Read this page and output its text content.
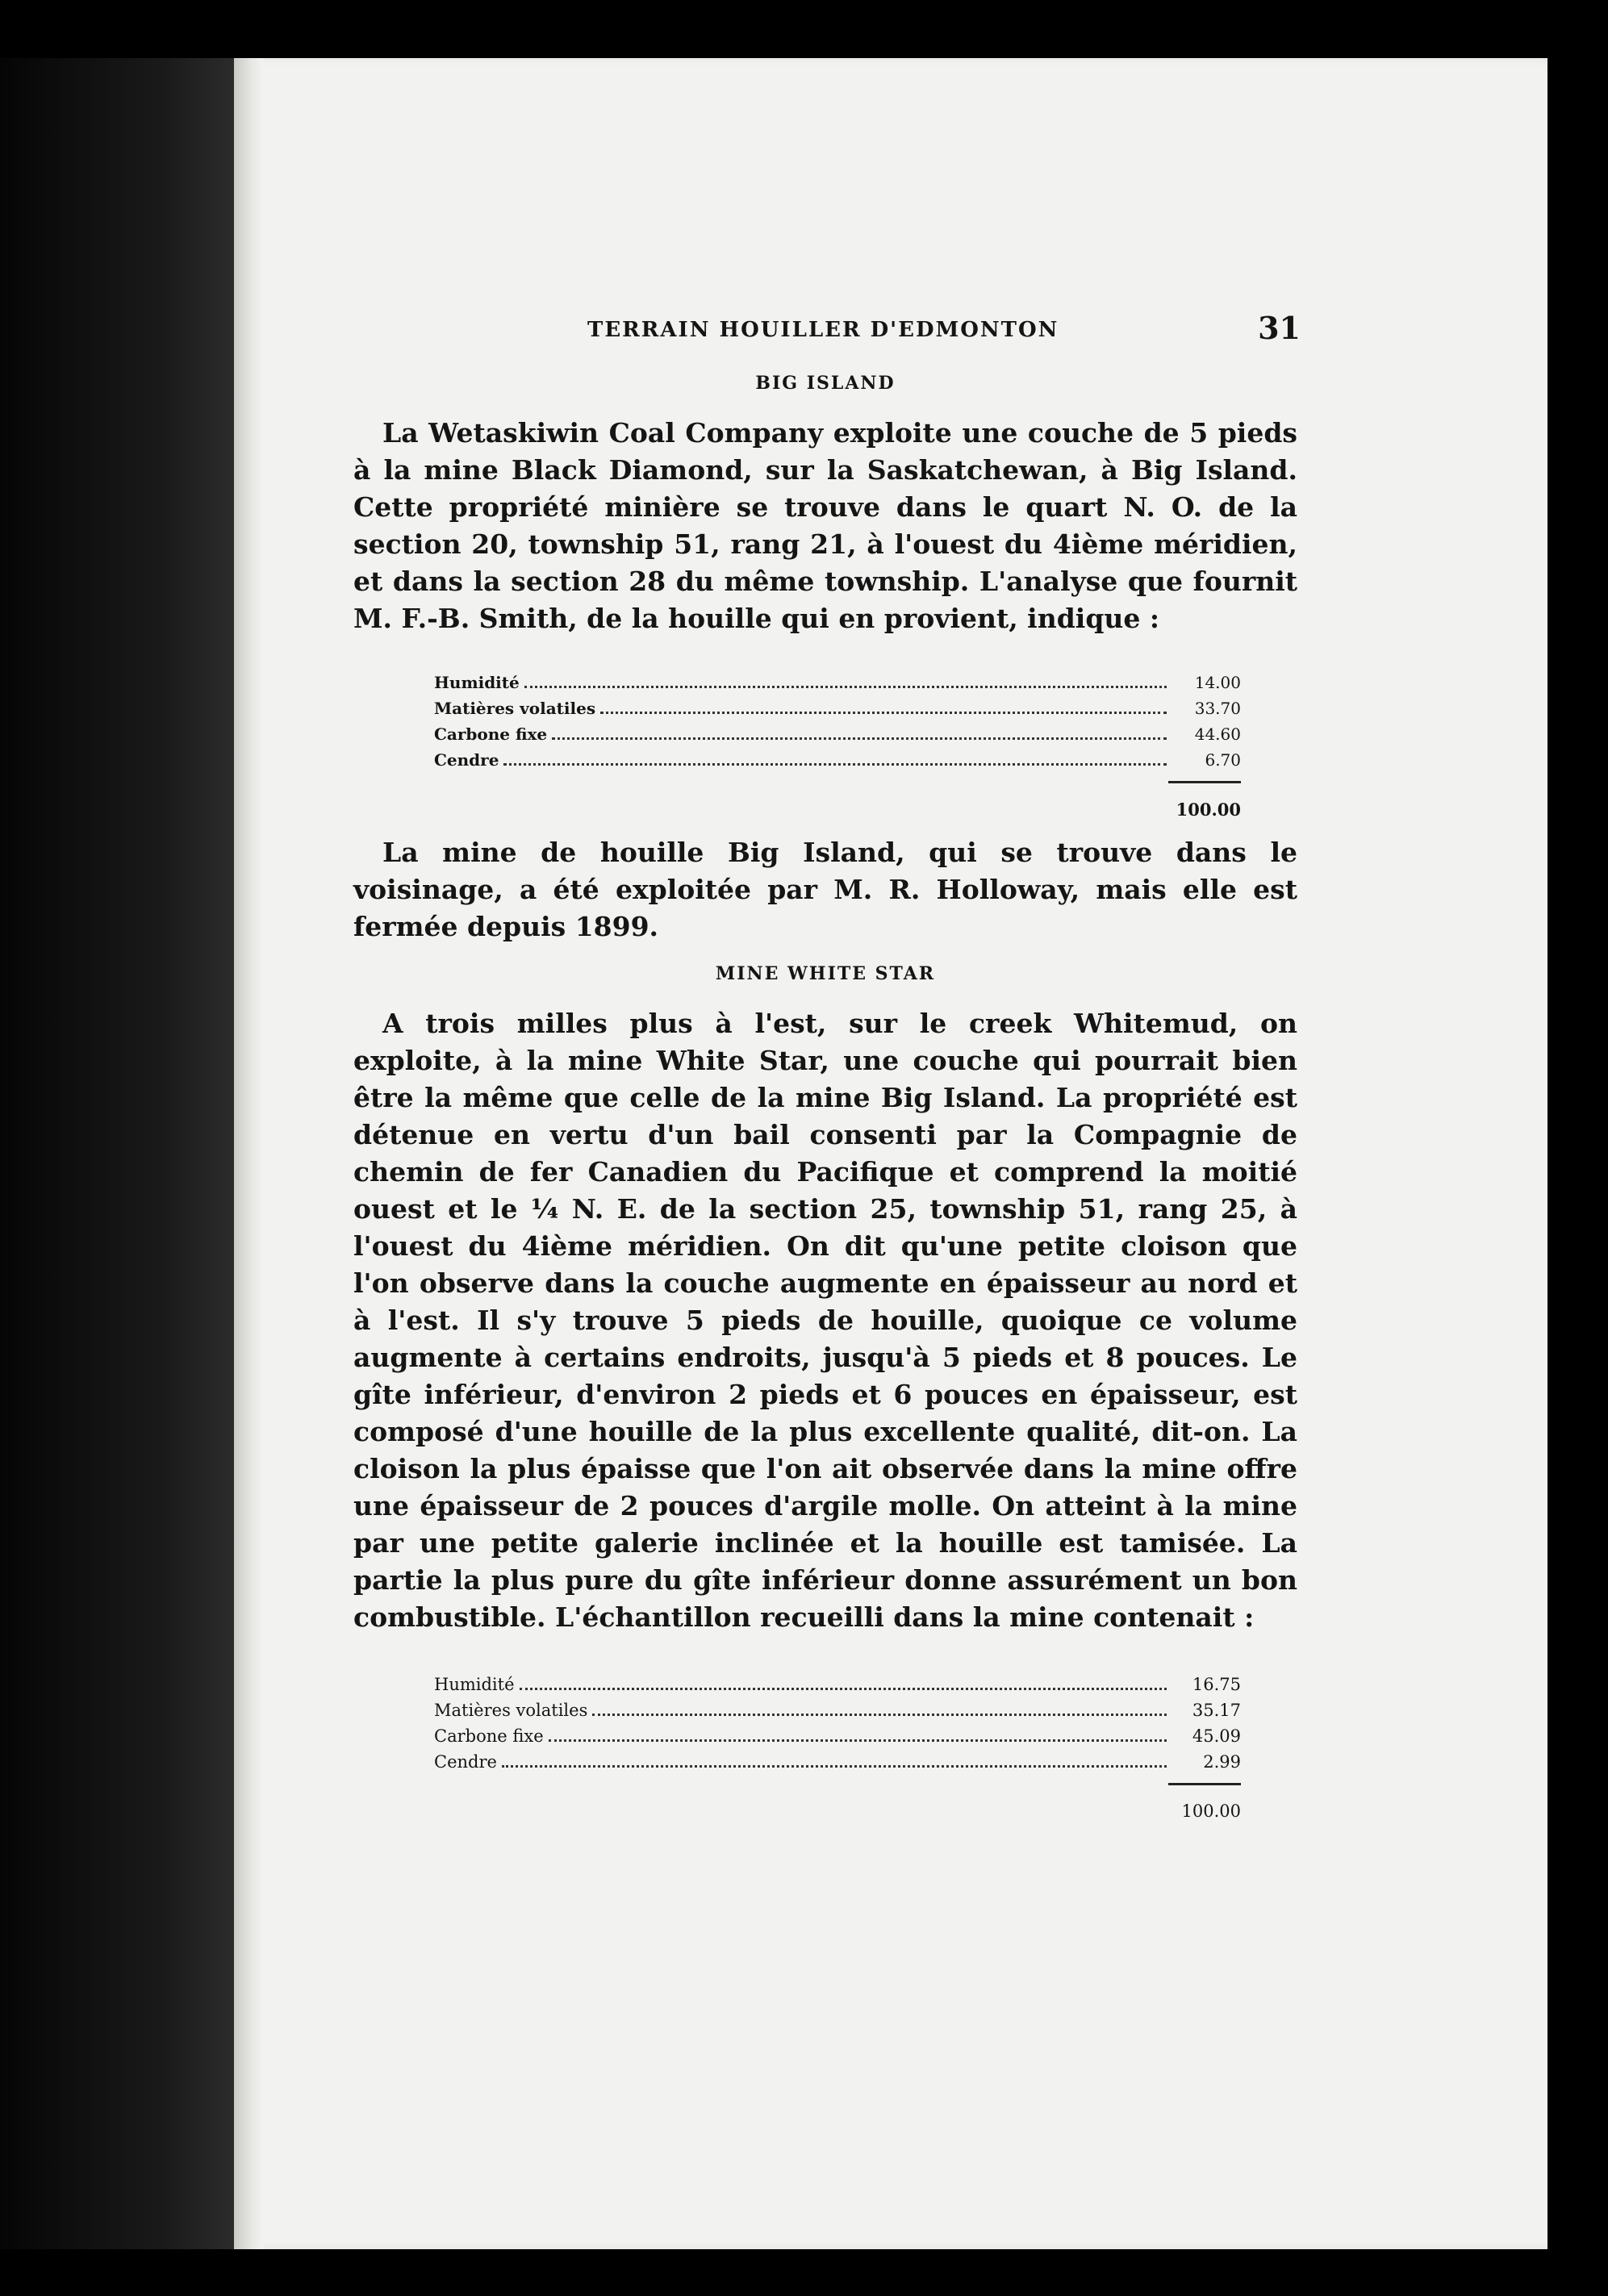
TERRAIN HOUILLER D'EDMONTON	31
BIG ISLAND

La Wetaskiwin Coal Company exploite une couche de 5 pieds à la mine Black Diamond, sur la Saskatchewan, à Big Island. Cette propriété minière se trouve dans le quart N. O. de la section 20, township 51, rang 21, à l'ouest du 4ième méridien, et dans la section 28 du même township. L'analyse que fournit M. F.-B. Smith, de la houille qui en provient, indique :

Humidité	14.00
Matières volatiles	33.70
Carbone fixe	44.60
Cendre	6.70
100.00

La mine de houille Big Island, qui se trouve dans le voisinage, a été exploitée par M. R. Holloway, mais elle est fermée depuis 1899.

MINE WHITE STAR

A trois milles plus à l'est, sur le creek Whitemud, on exploite, à la mine White Star, une couche qui pourrait bien être la même que celle de la mine Big Island. La propriété est détenue en vertu d'un bail consenti par la Compagnie de chemin de fer Canadien du Pacifique et comprend la moitié ouest et le ¼ N. E. de la section 25, township 51, rang 25, à l'ouest du 4ième méridien. On dit qu'une petite cloison que l'on observe dans la couche augmente en épaisseur au nord et à l'est. Il s'y trouve 5 pieds de houille, quoique ce volume augmente à certains endroits, jusqu'à 5 pieds et 8 pouces. Le gîte inférieur, d'environ 2 pieds et 6 pouces en épaisseur, est composé d'une houille de la plus excellente qualité, dit-on. La cloison la plus épaisse que l'on ait observée dans la mine offre une épaisseur de 2 pouces d'argile molle. On atteint à la mine par une petite galerie inclinée et la houille est tamisée. La partie la plus pure du gîte inférieur donne assurément un bon combustible. L'échantillon recueilli dans la mine contenait :

Humidité	16.75
Matières volatiles	35.17
Carbone fixe	45.09
Cendre	2.99
100.00
